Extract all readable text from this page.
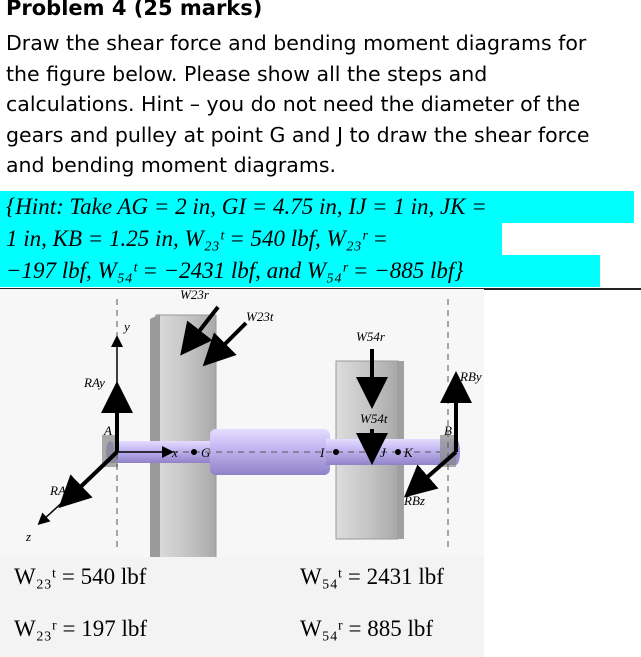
Problem 4 (25 marks)
Draw the shear force and bending moment diagrams for
the figure below. Please show all the steps and
calculations. Hint – you do not need the diameter of the
gears and pulley at point G and J to draw the shear force
and bending moment diagrams.
{Hint: Take AG = 2 in, GI = 4.75 in, IJ = 1 in, JK =
1 in, KB = 1.25 in, W₂₃ᵗ = 540 lbf, W₂₃ʳ =
−197 lbf, W₅₄ᵗ = −2431 lbf, and W₅₄ʳ = −885 lbf}
y
z
x
A	B
G	I	J K
RAy
RAz
RBy
RBz
W23r
W23t
W54r
W54t
W₂₃ᵗ = 540 lbf
W₂₃ʳ = 197 lbf
W₅₄ᵗ = 2431 lbf
W₅₄ʳ = 885 lbf
